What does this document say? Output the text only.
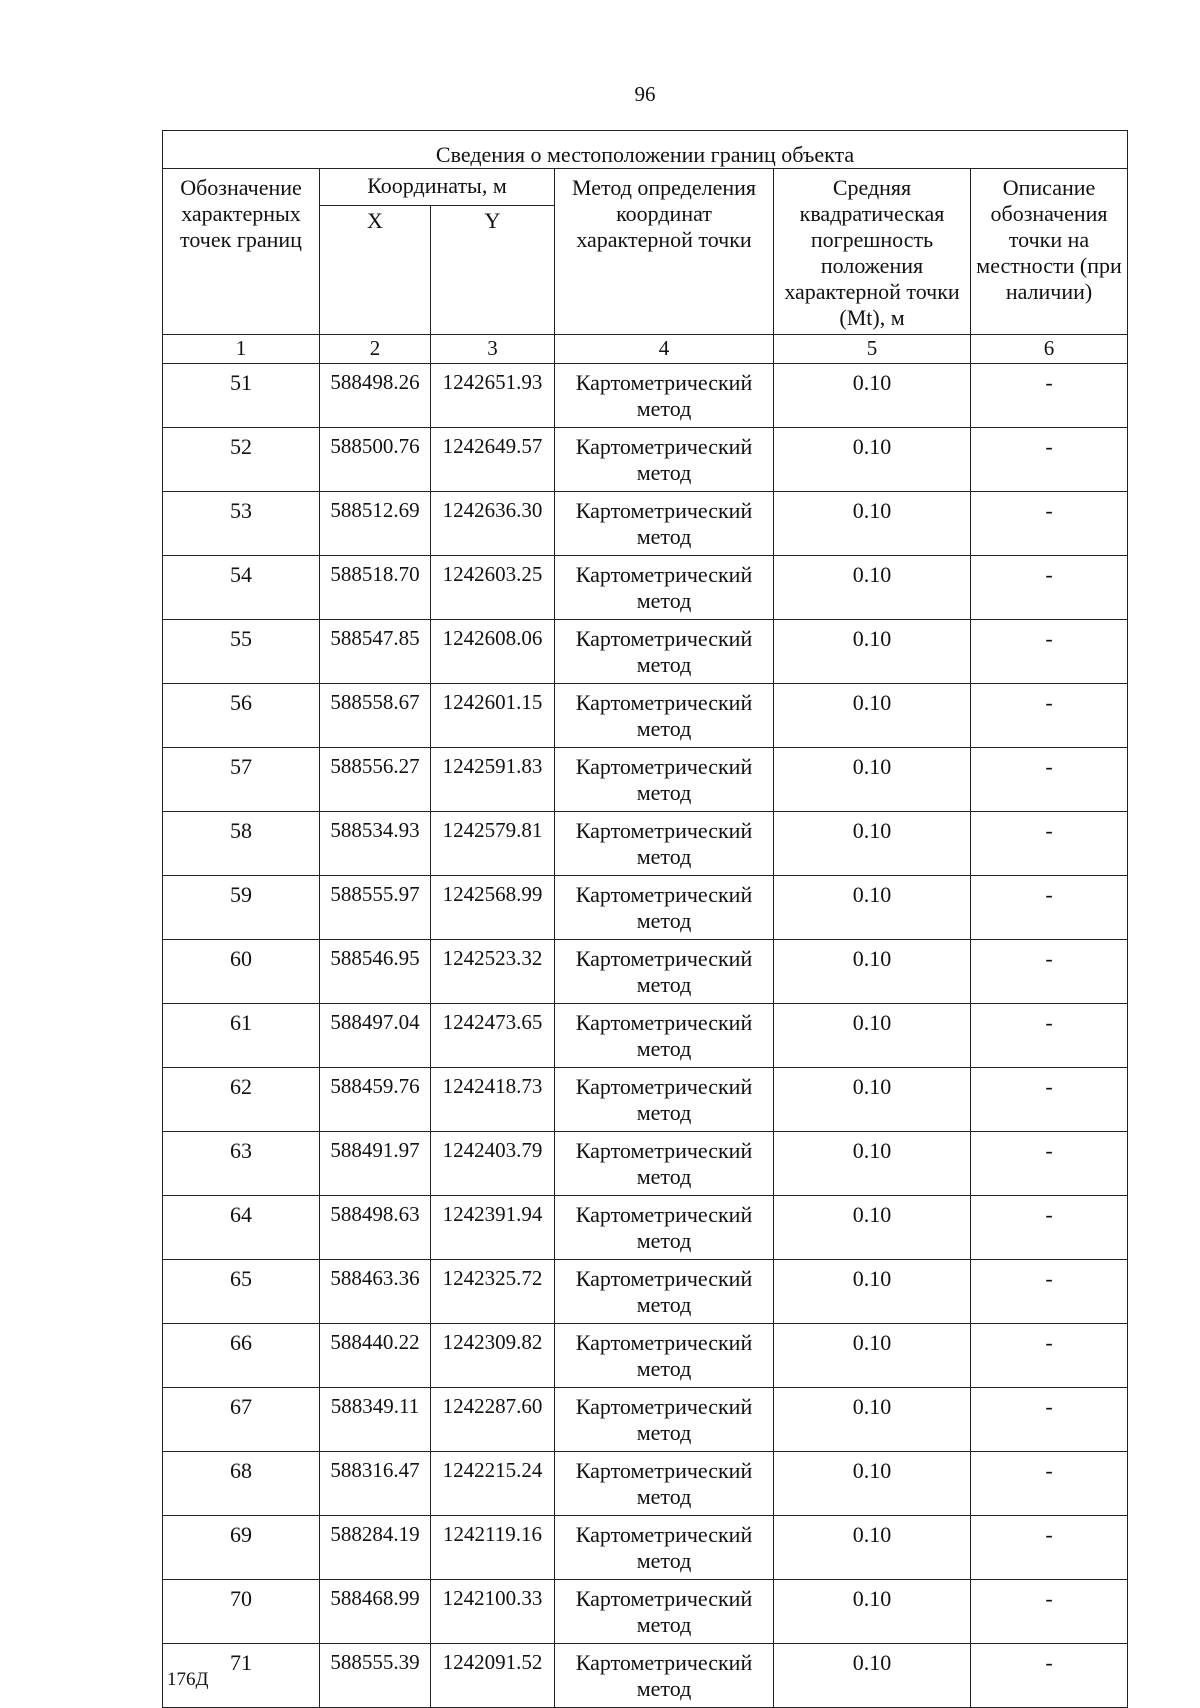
96
Сведения о местоположении границ объекта					
Обозначение характерных точек границ	Координаты, м		Метод определения координат характерной точки	Средняя квадратическая погрешность положения характерной точки (Mt), м	Описание обозначения точки на местности (при наличии)
	X	Y			
1	2	3	4	5	6
51	588498.26	1242651.93	Картометрический метод	0.10	-
52	588500.76	1242649.57	Картометрический метод	0.10	-
53	588512.69	1242636.30	Картометрический метод	0.10	-
54	588518.70	1242603.25	Картометрический метод	0.10	-
55	588547.85	1242608.06	Картометрический метод	0.10	-
56	588558.67	1242601.15	Картометрический метод	0.10	-
57	588556.27	1242591.83	Картометрический метод	0.10	-
58	588534.93	1242579.81	Картометрический метод	0.10	-
59	588555.97	1242568.99	Картометрический метод	0.10	-
60	588546.95	1242523.32	Картометрический метод	0.10	-
61	588497.04	1242473.65	Картометрический метод	0.10	-
62	588459.76	1242418.73	Картометрический метод	0.10	-
63	588491.97	1242403.79	Картометрический метод	0.10	-
64	588498.63	1242391.94	Картометрический метод	0.10	-
65	588463.36	1242325.72	Картометрический метод	0.10	-
66	588440.22	1242309.82	Картометрический метод	0.10	-
67	588349.11	1242287.60	Картометрический метод	0.10	-
68	588316.47	1242215.24	Картометрический метод	0.10	-
69	588284.19	1242119.16	Картометрический метод	0.10	-
70	588468.99	1242100.33	Картометрический метод	0.10	-
71	588555.39	1242091.52	Картометрический метод	0.10	-
176Д
